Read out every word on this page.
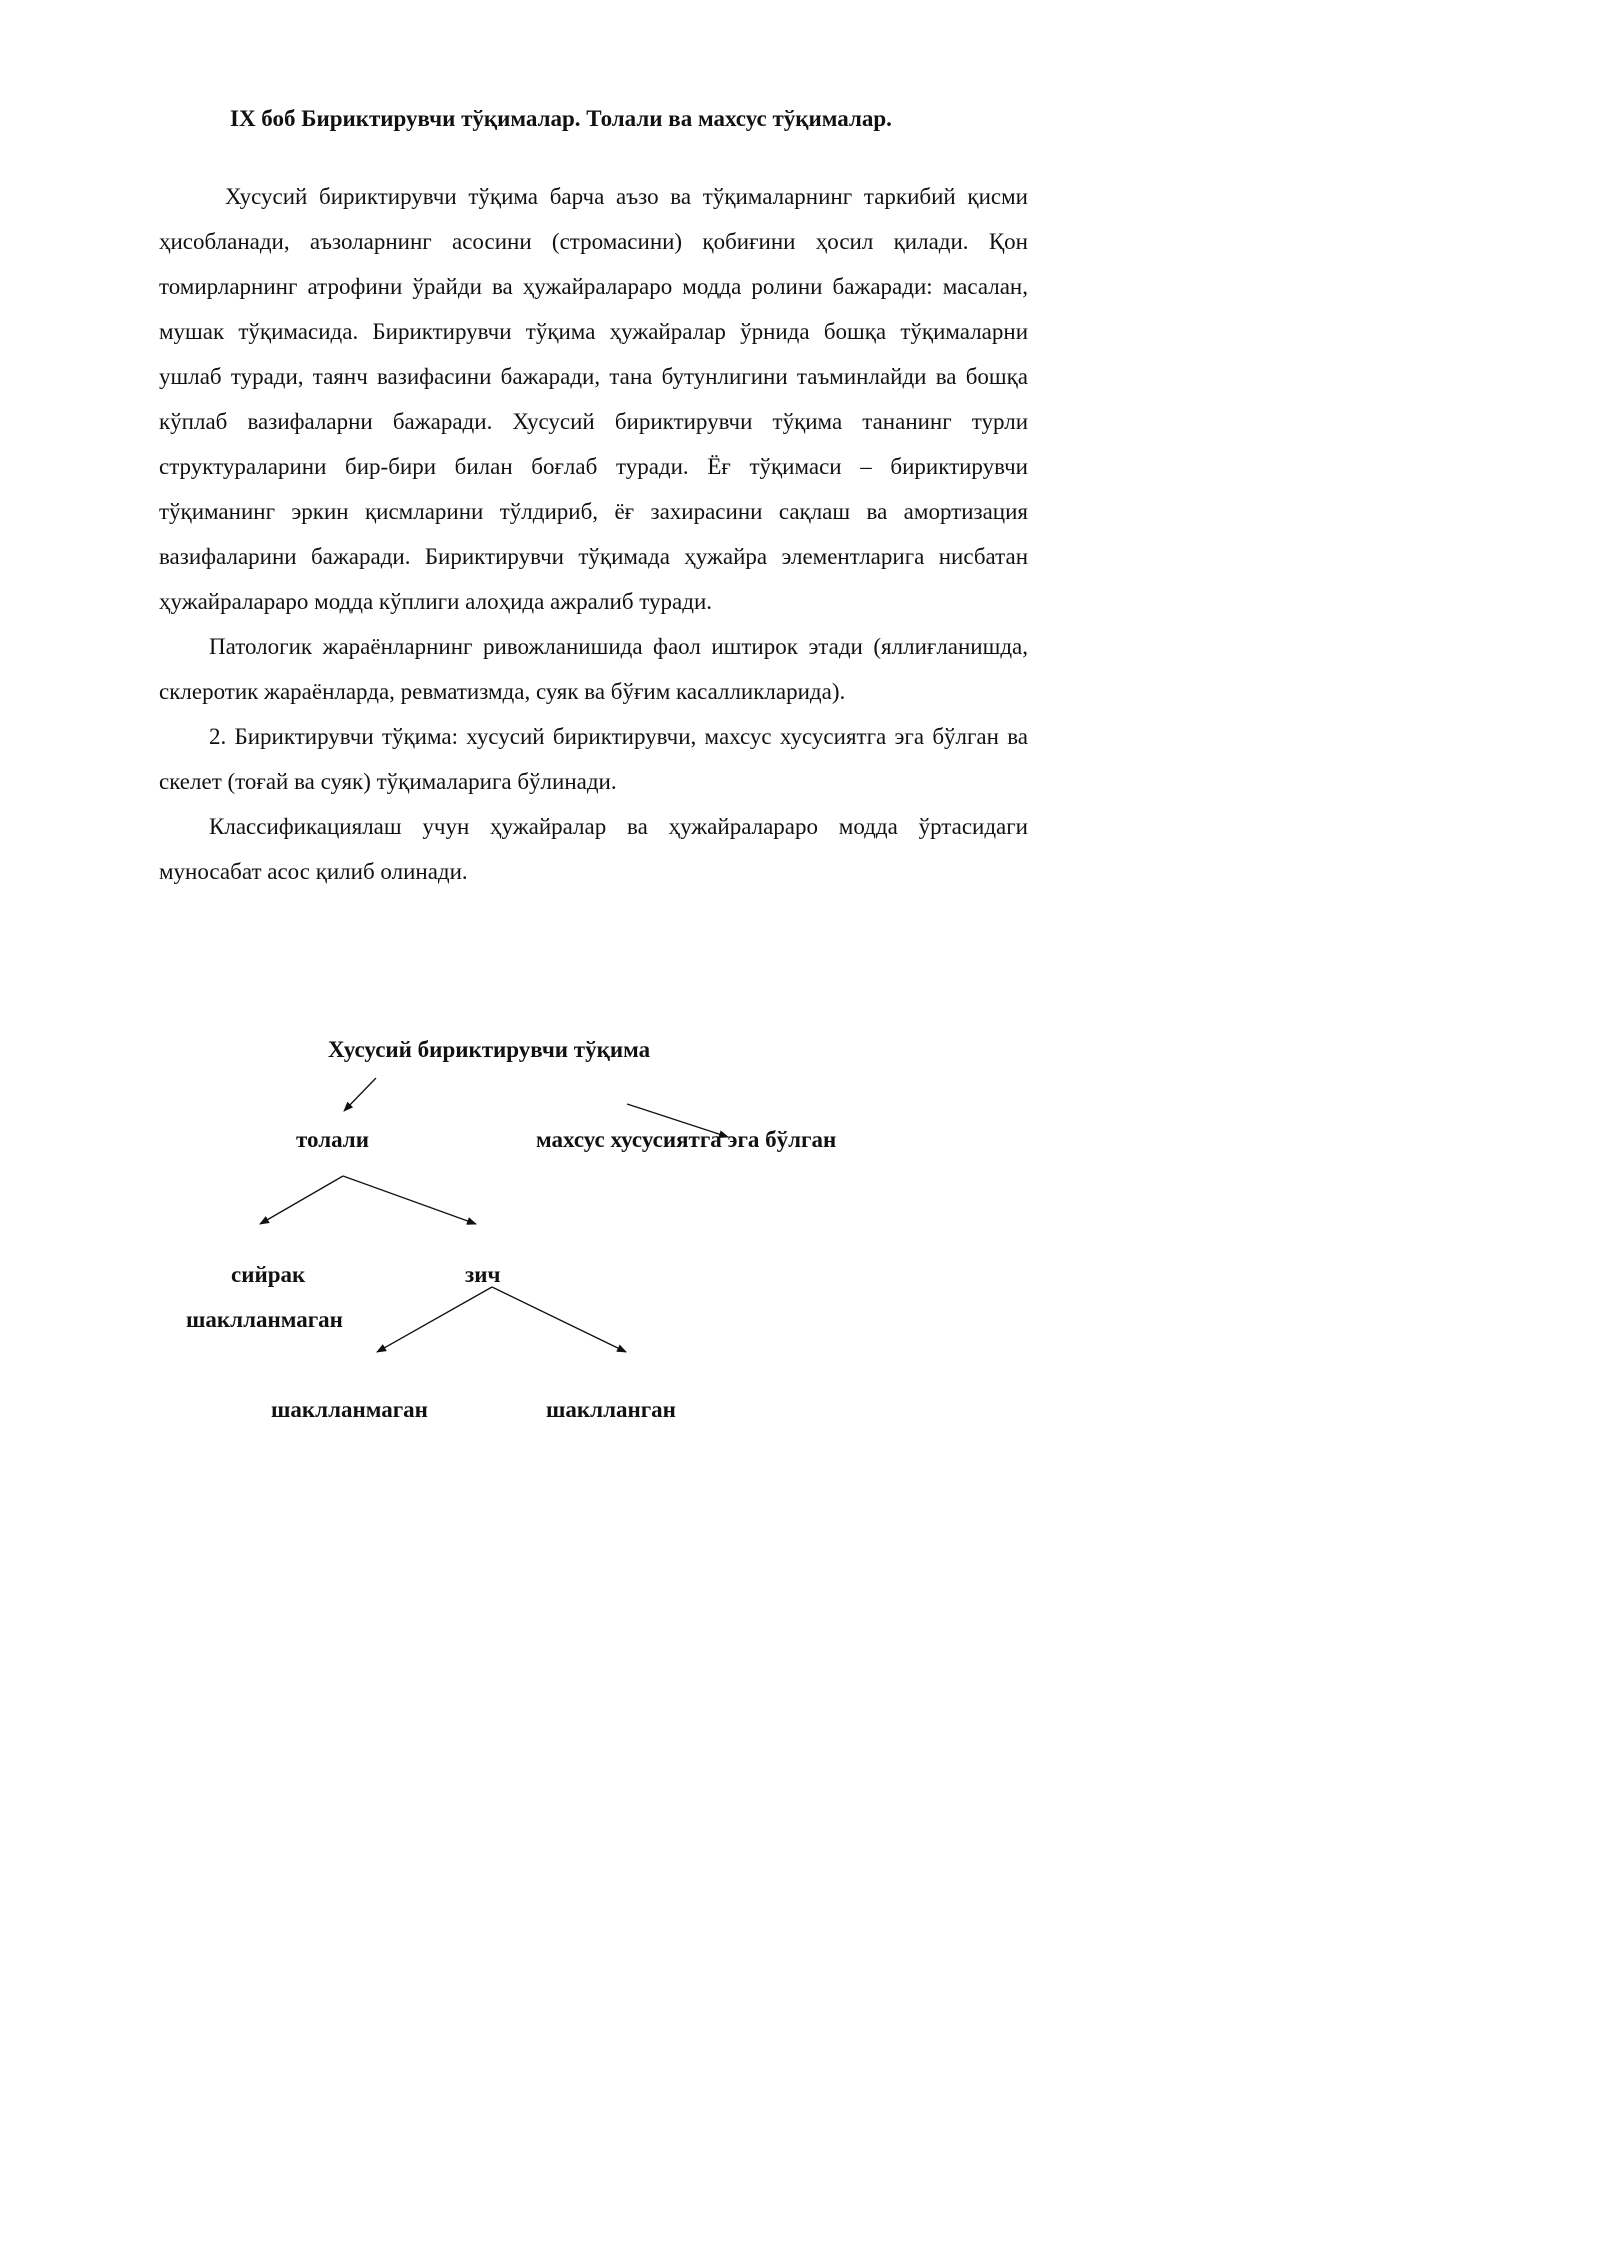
IX боб Бириктирувчи тўқималар. Толали ва махсус тўқималар.

Хусусий бириктирувчи тўқима барча аъзо ва тўқималарнинг таркибий қисми ҳисобланади, аъзоларнинг асосини (стромасини) қобиғини ҳосил қилади. Қон томирларнинг атрофини ўрайди ва ҳужайралараро модда ролини бажаради: масалан, мушак тўқимасида. Бириктирувчи тўқима ҳужайралар ўрнида бошқа тўқималарни ушлаб туради, таянч вазифасини бажаради, тана бутунлигини таъминлайди ва бошқа кўплаб вазифаларни бажаради. Хусусий бириктирувчи тўқима тананинг турли структураларини бир-бири билан боғлаб туради. Ёғ тўқимаси – бириктирувчи тўқиманинг эркин қисмларини тўлдириб, ёғ захирасини сақлаш ва амортизация вазифаларини бажаради. Бириктирувчи тўқимада ҳужайра элементларига нисбатан ҳужайралараро модда кўплиги алоҳида ажралиб туради.

Патологик жараёнларнинг ривожланишида фаол иштирок этади (яллиғланишда, склеротик жараёнларда, ревматизмда, суяк ва бўғим касалликларида).

2. Бириктирувчи тўқима: хусусий бириктирувчи, махсус хусусиятга эга бўлган ва скелет (тоғай ва суяк) тўқималарига бўлинади.

Классификациялаш учун ҳужайралар ва ҳужайралараро модда ўртасидаги муносабат асос қилиб олинади.

Хусусий бириктирувчи тўқима
толали	махсус хусусиятга эга бўлган
сийрак
шаклланмаган
зич
шаклланмаган	шаклланган
